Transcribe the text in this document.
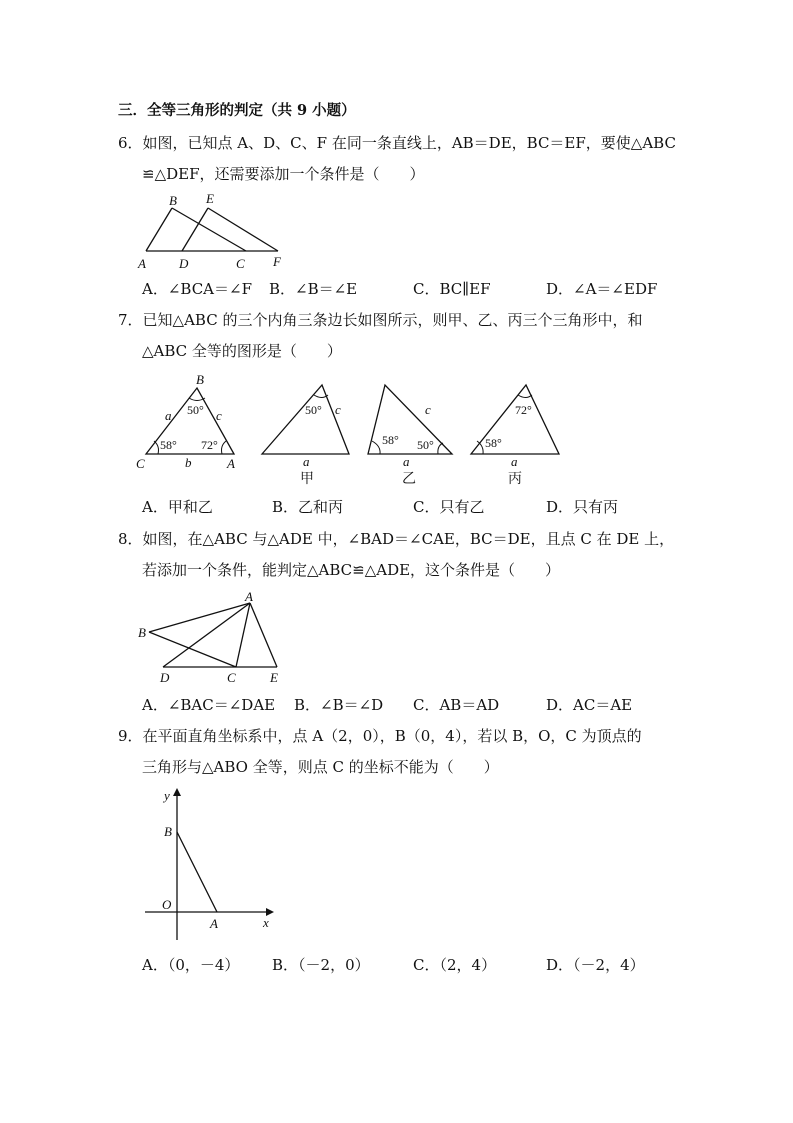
三．全等三角形的判定（共 9 小题）
6．如图，已知点 A、D、C、F 在同一条直线上，AB＝DE，BC＝EF，要使△ABC
≌△DEF，还需要添加一个条件是（　　）
B E
A	D	C F
A．∠BCA＝∠F B．∠B＝∠E	C．BC∥EF	D．∠A＝∠EDF
7．已知△ABC 的三个内角三条边长如图所示，则甲、乙、丙三个三角形中，和
△ABC 全等的图形是（　　）
B
C	A
a	c
b
50°
58° 72°
50° c
a
甲
58° 50°
c
a
乙
72°
58°
a
丙
A．甲和乙	B．乙和丙	C．只有乙	D．只有丙
8．如图，在△ABC 与△ADE 中，∠BAD＝∠CAE，BC＝DE，且点 C 在 DE 上，
若添加一个条件，能判定△ABC≌△ADE，这个条件是（　　）
A
B
D	C	E
A．∠BAC＝∠DAE B．∠B＝∠D C．AB＝AD	D．AC＝AE
9．在平面直角坐标系中，点 A（2，0），B（0，4），若以 B，O，C 为顶点的
三角形与△ABO 全等，则点 C 的坐标不能为（　　）
y
x
B
O
A
A．（0，－4） B．（－2，0）	C．（2，4）	D．（－2，4）
